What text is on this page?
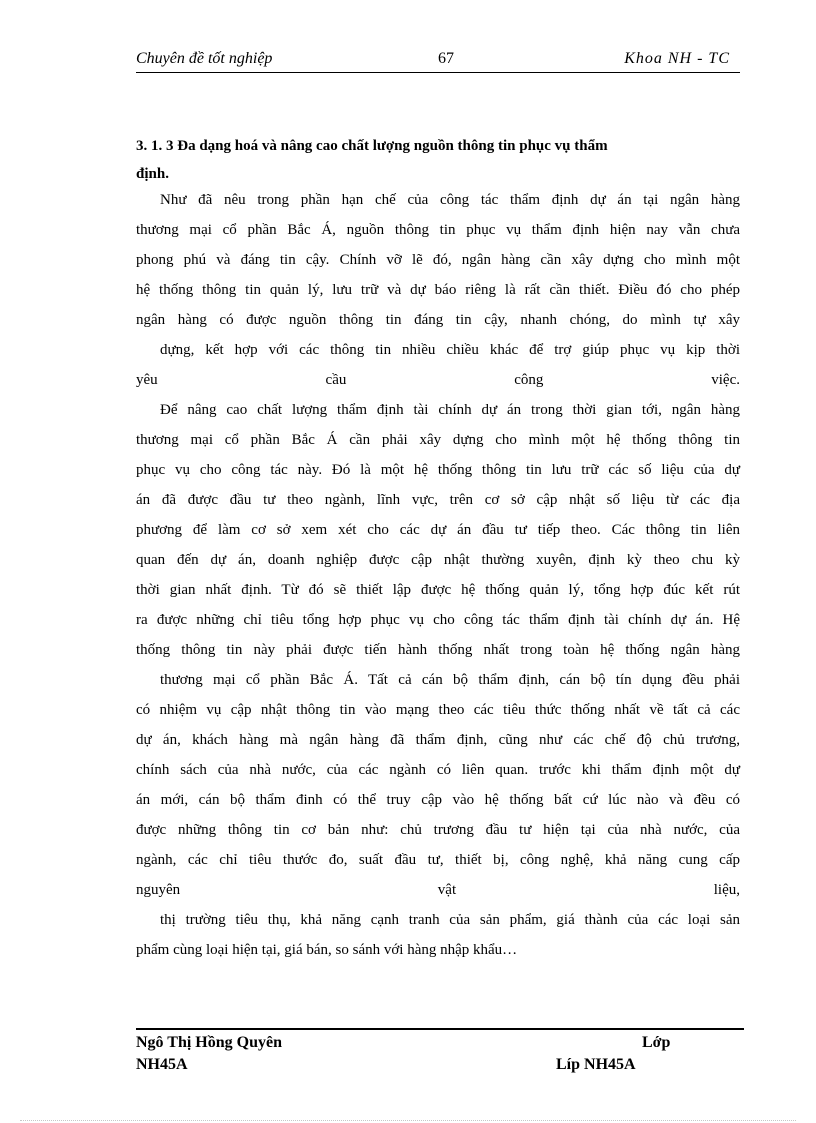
Chuyên đề tốt nghiệp	67	Khoa NH - TC
3. 1. 3 Đa dạng hoá và nâng cao chất lượng nguồn thông tin phục vụ thẩm
định.
Như đã nêu trong phần hạn chế của công tác thẩm định dự án tại ngân hàng
thương mại cổ phần Bắc Á, nguồn thông tin phục vụ thẩm định hiện nay vẫn chưa
phong phú và đáng tin cậy. Chính vỡ lẽ đó, ngân hàng cần xây dựng cho mình một
hệ thống thông tin quản lý, lưu trữ và dự báo riêng là rất cần thiết. Điều đó cho phép
ngân hàng có được nguồn thông tin đáng tin cậy, nhanh chóng, do mình tự xây
dựng, kết hợp với các thông tin nhiều chiều khác để trợ giúp phục vụ kịp thời
yêu cầu công việc.
Để nâng cao chất lượng thẩm định tài chính dự án trong thời gian tới, ngân hàng
thương mại cổ phần Bắc Á cần phải xây dựng cho mình một hệ thống thông tin
phục vụ cho công tác này. Đó là một hệ thống thông tin lưu trữ các số liệu của dự
án đã được đầu tư theo ngành, lĩnh vực, trên cơ sở cập nhật số liệu từ các địa
phương để làm cơ sở xem xét cho các dự án đầu tư tiếp theo. Các thông tin liên
quan đến dự án, doanh nghiệp được cập nhật thường xuyên, định kỳ theo chu kỳ
thời gian nhất định. Từ đó sẽ thiết lập được hệ thống quản lý, tổng hợp đúc kết rút
ra được những chỉ tiêu tổng hợp phục vụ cho công tác thẩm định tài chính dự án. Hệ
thống thông tin này phải được tiến hành thống nhất trong toàn hệ thống ngân hàng
thương mại cổ phần Bắc Á. Tất cả cán bộ thẩm định, cán bộ tín dụng đều phải
có nhiệm vụ cập nhật thông tin vào mạng theo các tiêu thức thống nhất về tất cả các
dự án, khách hàng mà ngân hàng đã thẩm định, cũng như các chế độ chủ trương,
chính sách của nhà nước, của các ngành có liên quan. trước khi thẩm định một dự
án mới, cán bộ thẩm đinh có thể truy cập vào hệ thống bất cứ lúc nào và đều có
được những thông tin cơ bản như: chủ trương đầu tư hiện tại của nhà nước, của
ngành, các chỉ tiêu thước đo, suất đầu tư, thiết bị, công nghệ, khả năng cung cấp
nguyên vật liệu,
thị trường tiêu thụ, khả năng cạnh tranh của sản phẩm, giá thành của các loại sản
phẩm cùng loại hiện tại, giá bán, so sánh với hàng nhập khẩu…
Ngô Thị Hồng Quyên	Lớp
NH45A	Líp NH45A
